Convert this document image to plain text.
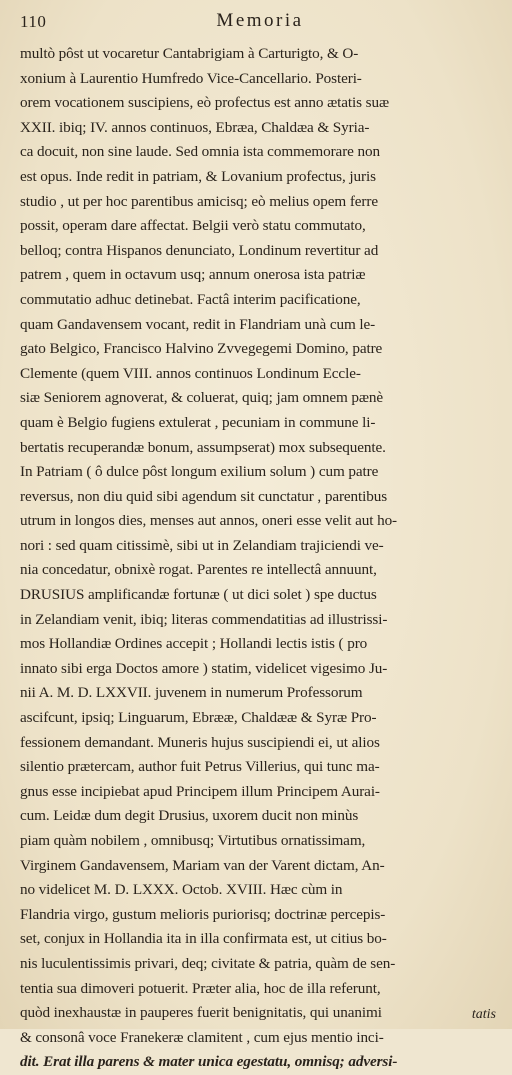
110	Memoria
multò pôst ut vocaretur Cantabrigiam à Carturigto, & O-
xonium à Laurentio Humfredo Vice-Cancellario. Posteri-
orem vocationem suscipiens, eò profectus est anno ætatis suæ
XXII. ibiq; IV. annos continuos, Ebræa, Chaldæa & Syria-
ca docuit, non sine laude. Sed omnia ista commemorare non
est opus. Inde redit in patriam, & Lovanium profectus, juris
studio , ut per hoc parentibus amicisq; eò melius opem ferre
possit, operam dare affectat. Belgii verò statu commutato,
belloq; contra Hispanos denunciato, Londinum revertitur ad
patrem , quem in octavum usq; annum onerosa ista patriæ
commutatio adhuc detinebat. Factâ interim pacificatione,
quam Gandavensem vocant, redit in Flandriam unà cum le-
gato Belgico, Francisco Halvino Zvvegegemi Domino, patre
Clemente (quem VIII. annos continuos Londinum Eccle-
siæ Seniorem agnoverat, & coluerat, quiq; jam omnem pænè
quam è Belgio fugiens extulerat , pecuniam in commune li-
bertatis recuperandæ bonum, assumpserat) mox subsequente.
In Patriam ( ô dulce pôst longum exilium solum ) cum patre
reversus, non diu quid sibi agendum sit cunctatur , parentibus
utrum in longos dies, menses aut annos, oneri esse velit aut ho-
nori : sed quam citissimè, sibi ut in Zelandiam trajiciendi ve-
nia concedatur, obnixè rogat. Parentes re intellectâ annuunt,
DRUSIUS amplificandæ fortunæ ( ut dici solet ) spe ductus
in Zelandiam venit, ibiq; literas commendatitias ad illustrissi-
mos Hollandiæ Ordines accepit ; Hollandi lectis istis ( pro
innato sibi erga Doctos amore ) statim, videlicet vigesimo Ju-
nii A. M. D. LXXVII. juvenem in numerum Professorum
ascifcunt, ipsiq; Linguarum, Ebrææ, Chaldææ & Syræ Pro-
fessionem demandant. Muneris hujus suscipiendi ei, ut alios
silentio prætercam, author fuit Petrus Villerius, qui tunc ma-
gnus esse incipiebat apud Principem illum Principem Aurai-
cum. Leidæ dum degit Drusius, uxorem ducit non minùs
piam quàm nobilem , omnibusq; Virtutibus ornatissimam,
Virginem Gandavensem, Mariam van der Varent dictam, An-
no videlicet M. D. LXXX. Octob. XVIII. Hæc cùm in
Flandria virgo, gustum melioris puriorisq; doctrinæ percepis-
set, conjux in Hollandia ita in illa confirmata est, ut citius bo-
nis luculentissimis privari, deq; civitate & patria, quàm de sen-
tentia sua dimoveri potuerit. Præter alia, hoc de illa referunt,
quòd inexhaustæ in pauperes fuerit benignitatis, qui unanimi
& consonâ voce Franekeræ clamitent , cum ejus mentio inci-
dit. Erat illa parens & mater unica egestatu, omnisq; adversi-
tatis
